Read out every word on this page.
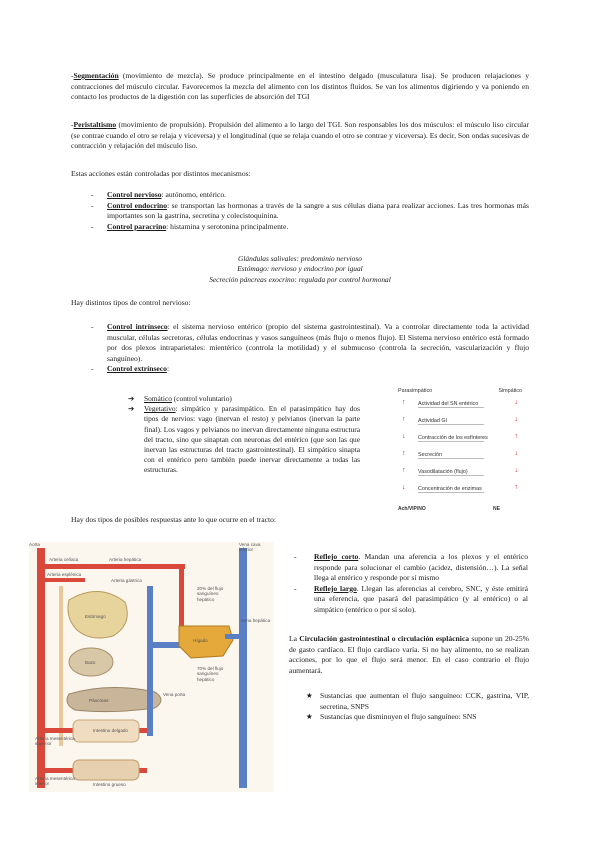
-Segmentación (movimiento de mezcla). Se produce principalmente en el intestino delgado (musculatura lisa). Se producen relajaciones y contracciones del músculo circular. Favorecemos la mezcla del alimento con los distintos fluidos. Se van los alimentos digiriendo y va poniendo en contacto los productos de la digestión con las superficies de absorción del TGI

-Peristaltismo (movimiento de propulsión). Propulsión del alimento a lo largo del TGI. Son responsables los dos músculos: el músculo liso circular (se contrae cuando el otro se relaja y viceversa) y el longitudinal (que se relaja cuando el otro se contrae y viceversa). Es decir, Son ondas sucesivas de contracción y relajación del músculo liso.

Estas acciones están controladas por distintos mecanismos:

- Control nervioso: autónomo, entérico.
- Control endocrino: se transportan las hormonas a través de la sangre a sus células diana para realizar acciones. Las tres hormonas más importantes son la gastrina, secretina y colecistoquinina.
- Control paracrino: histamina y serotonina principalmente.
Glándulas salivales: predominio nervioso
Estómago: nervioso y endocrino por igual
Secreción páncreas exocrino: regulada por control hormonal

Hay distintos tipos de control nervioso:

- Control intrínseco: el sistema nervioso entérico (propio del sistema gastrointestinal). Va a controlar directamente toda la actividad muscular, células secretoras, células endocrinas y vasos sanguíneos (más flujo o menos flujo). El Sistema nervioso entérico está formado por dos plexos intraparietales: mientérico (controla la motilidad) y el submucoso (controla la secreción, vascularización y flujo sanguíneo).
- Control extrínseco:
➔ Somático (control voluntario)
➔ Vegetativo: simpático y parasimpático. En el parasimpático hay dos tipos de nervios: vago (inervan el resto) y pelvianos (inervan la parte final). Los vagos y pelvianos no inervan directamente ninguna estructura del tracto, sino que sinaptan con neuronas del entérico (que son las que inervan las estructuras del tracto gastrointestinal). El simpático sinapta con el entérico pero también puede inervar directamente a todas las estructuras.
Parasimpático	Simpático
↑ Actividad del SN entérico	↓
↑ Actividad GI	↓
↓ Contracción de los esfínteres	↑
↑ Secreción	↓
↑ Vasodilatación (flujo)	↓
↓ Concentración de enzimas	↑
Ach/VIP/NO	NE

Hay dos tipos de posibles respuestas ante lo que ocurre en el tracto:

Aorta	Vena cava inferior
Arteria celíaca	Arteria hepática
Arteria esplénica
Arteria gástrica
Estómago
Bazo
Páncreas
Hígado
Vena hepática
Vena porta
20% del flujo sanguíneo hepático
70% del flujo sanguíneo hepático
Arteria mesentérica superior
Intestino delgado
Arteria mesentérica inferior	Intestino grueso
- Reflejo corto. Mandan una aferencia a los plexos y el entérico responde para solucionar el cambio (acidez, distensión…). La señal llega al entérico y responde por sí mismo
- Reflejo largo. Llegan las aferencias al cerebro, SNC, y éste emitirá una eferencia, que pasará del parasimpático (y al entérico) o al simpático (entérico o por sí solo).

La Circulación gastrointestinal o circulación esplácnica supone un 20-25% de gasto cardíaco. El flujo cardíaco varía. Si no hay alimento, no se realizan acciones, por lo que el flujo será menor. En el caso contrario el flujo aumentará.

★ Sustancias que aumentan el flujo sanguíneo: CCK, gastrina, VIP, secretina, SNPS
★ Sustancias que disminuyen el flujo sanguíneo: SNS
